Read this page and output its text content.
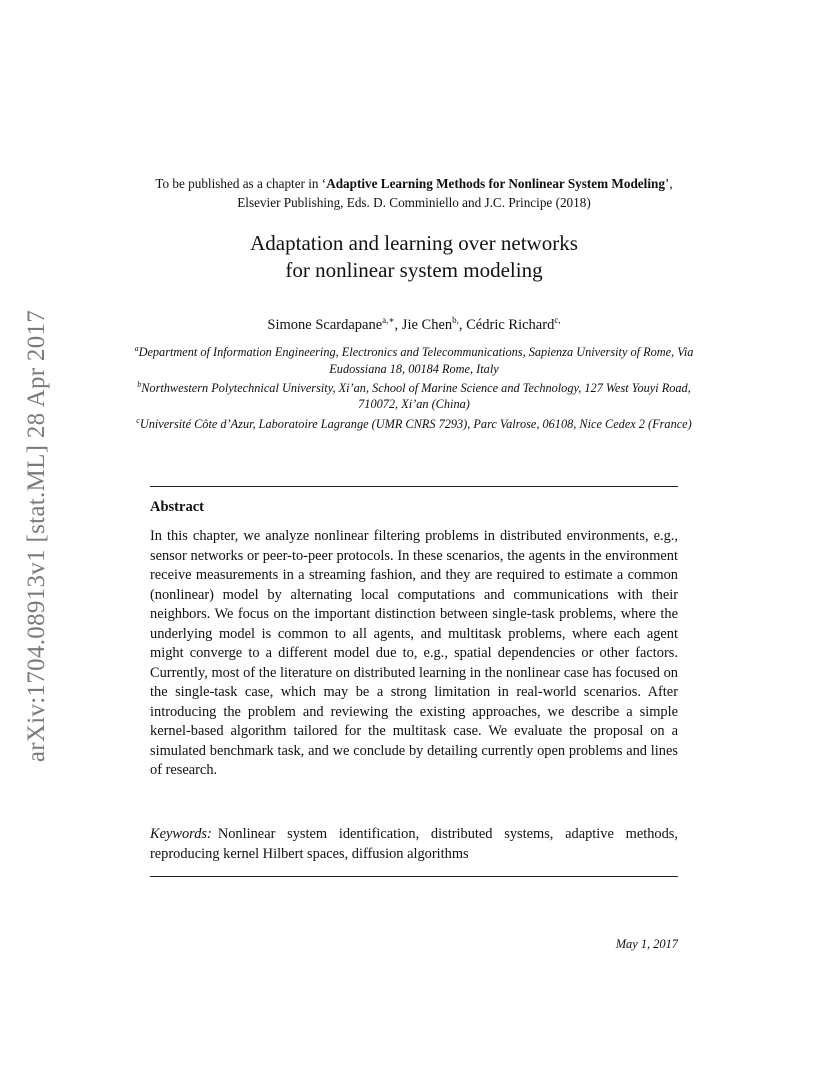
arXiv:1704.08913v1 [stat.ML] 28 Apr 2017
To be published as a chapter in ‘Adaptive Learning Methods for Nonlinear System Modeling’, Elsevier Publishing, Eds. D. Comminiello and J.C. Principe (2018)
Adaptation and learning over networks
for nonlinear system modeling
Simone Scardapane$^{a,∗}$, Jie Chen$^{b,}$, Cédric Richard$^{c,}$
$^a$Department of Information Engineering, Electronics and Telecommunications, Sapienza University of Rome, Via Eudossiana 18, 00184 Rome, Italy
$^b$Northwestern Polytechnical University, Xi’an, School of Marine Science and Technology, 127 West Youyi Road, 710072, Xi’an (China)
$^c$Université Côte d’Azur, Laboratoire Lagrange (UMR CNRS 7293), Parc Valrose, 06108, Nice Cedex 2 (France)
Abstract
In this chapter, we analyze nonlinear filtering problems in distributed environments, e.g., sensor networks or peer-to-peer protocols. In these scenarios, the agents in the environment receive measurements in a streaming fashion, and they are required to estimate a common (nonlinear) model by alternating local computations and communications with their neighbors. We focus on the important distinction between single-task problems, where the underlying model is common to all agents, and multitask problems, where each agent might converge to a different model due to, e.g., spatial dependencies or other factors. Currently, most of the literature on distributed learning in the nonlinear case has focused on the single-task case, which may be a strong limitation in real-world scenarios. After introducing the problem and reviewing the existing approaches, we describe a simple kernel-based algorithm tailored for the multitask case. We evaluate the proposal on a simulated benchmark task, and we conclude by detailing currently open problems and lines of research.
Keywords: Nonlinear system identification, distributed systems, adaptive methods, reproducing kernel Hilbert spaces, diffusion algorithms
May 1, 2017
